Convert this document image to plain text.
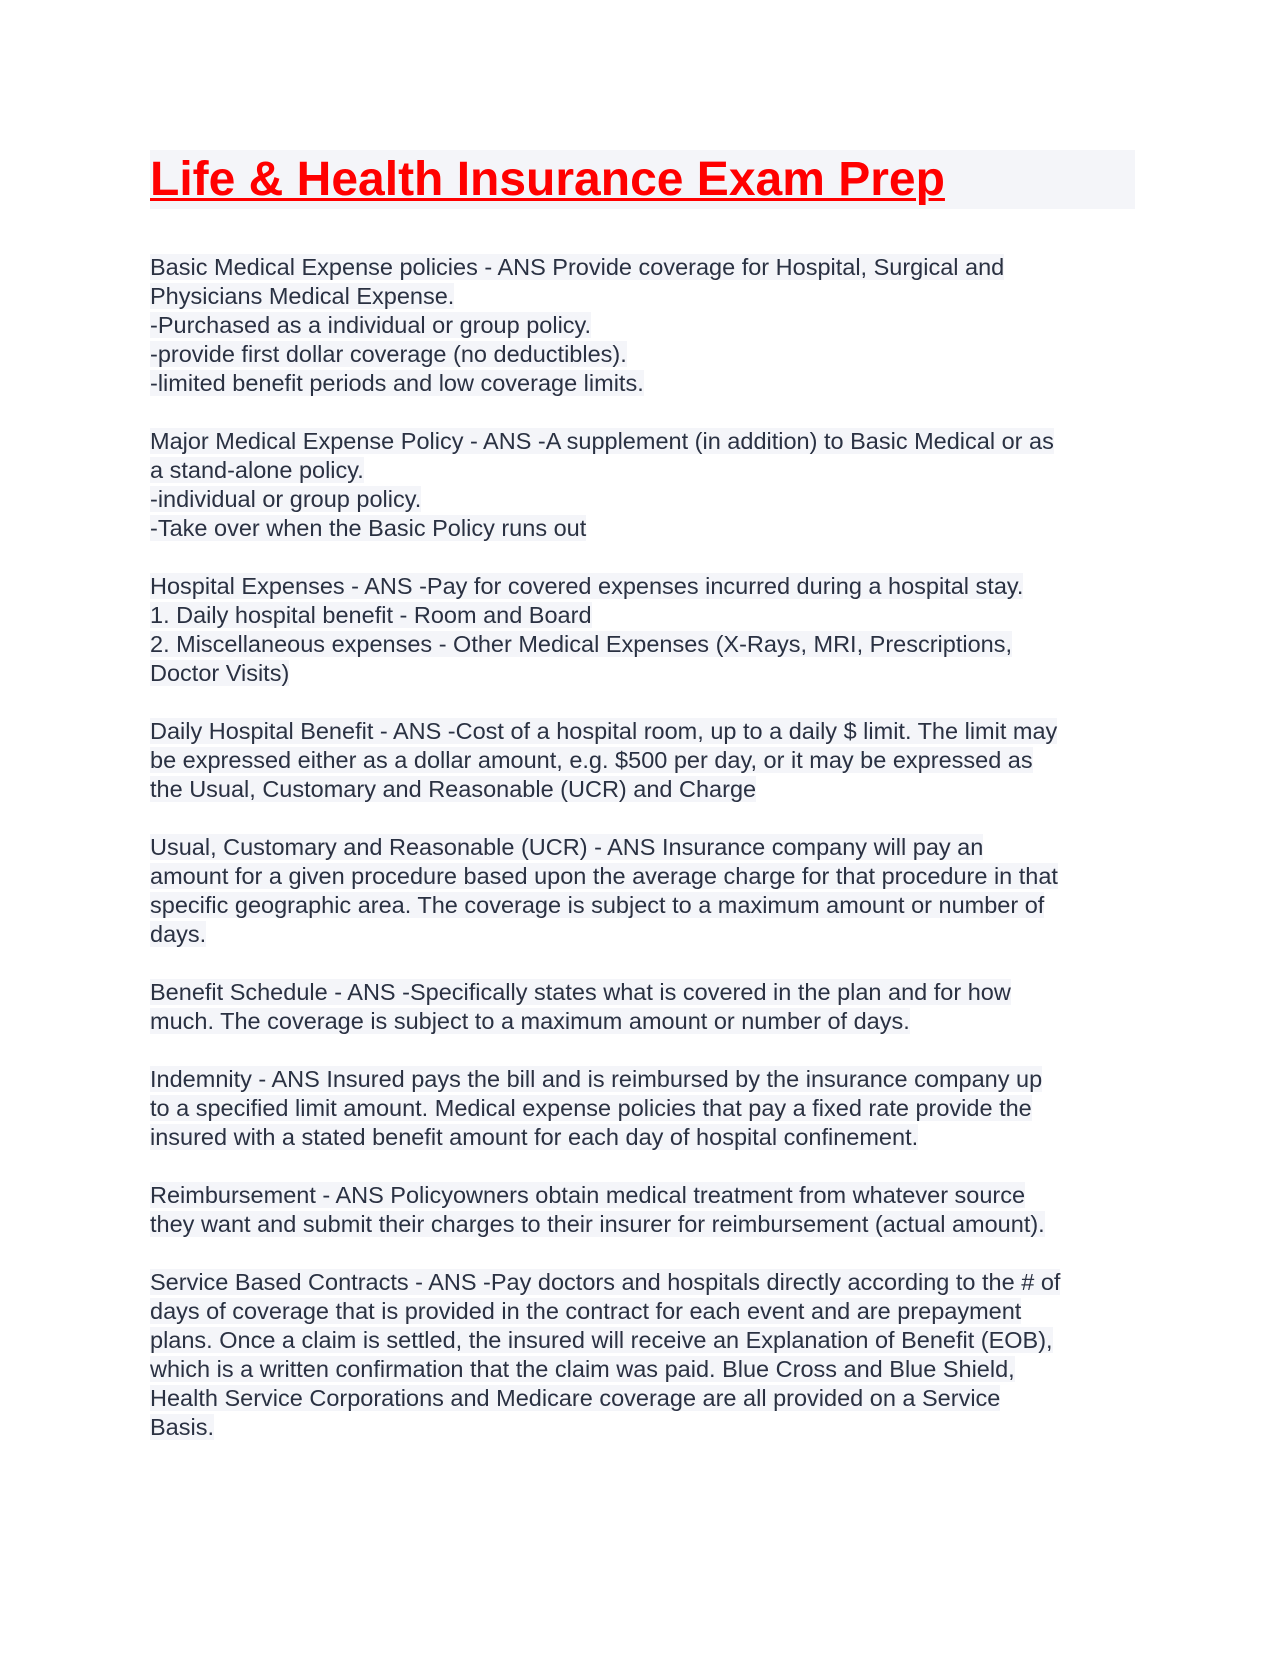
Life & Health Insurance Exam Prep

Basic Medical Expense policies - ANS Provide coverage for Hospital, Surgical and
Physicians Medical Expense.
-Purchased as a individual or group policy.
-provide first dollar coverage (no deductibles).
-limited benefit periods and low coverage limits.

Major Medical Expense Policy - ANS -A supplement (in addition) to Basic Medical or as
a stand-alone policy.
-individual or group policy.
-Take over when the Basic Policy runs out

Hospital Expenses - ANS -Pay for covered expenses incurred during a hospital stay.
1. Daily hospital benefit - Room and Board
2. Miscellaneous expenses - Other Medical Expenses (X-Rays, MRI, Prescriptions,
Doctor Visits)

Daily Hospital Benefit - ANS -Cost of a hospital room, up to a daily $ limit. The limit may
be expressed either as a dollar amount, e.g. $500 per day, or it may be expressed as
the Usual, Customary and Reasonable (UCR) and Charge

Usual, Customary and Reasonable (UCR) - ANS Insurance company will pay an
amount for a given procedure based upon the average charge for that procedure in that
specific geographic area. The coverage is subject to a maximum amount or number of
days.

Benefit Schedule - ANS -Specifically states what is covered in the plan and for how
much. The coverage is subject to a maximum amount or number of days.

Indemnity - ANS Insured pays the bill and is reimbursed by the insurance company up
to a specified limit amount. Medical expense policies that pay a fixed rate provide the
insured with a stated benefit amount for each day of hospital confinement.

Reimbursement - ANS Policyowners obtain medical treatment from whatever source
they want and submit their charges to their insurer for reimbursement (actual amount).

Service Based Contracts - ANS -Pay doctors and hospitals directly according to the # of
days of coverage that is provided in the contract for each event and are prepayment
plans. Once a claim is settled, the insured will receive an Explanation of Benefit (EOB),
which is a written confirmation that the claim was paid. Blue Cross and Blue Shield,
Health Service Corporations and Medicare coverage are all provided on a Service
Basis.
